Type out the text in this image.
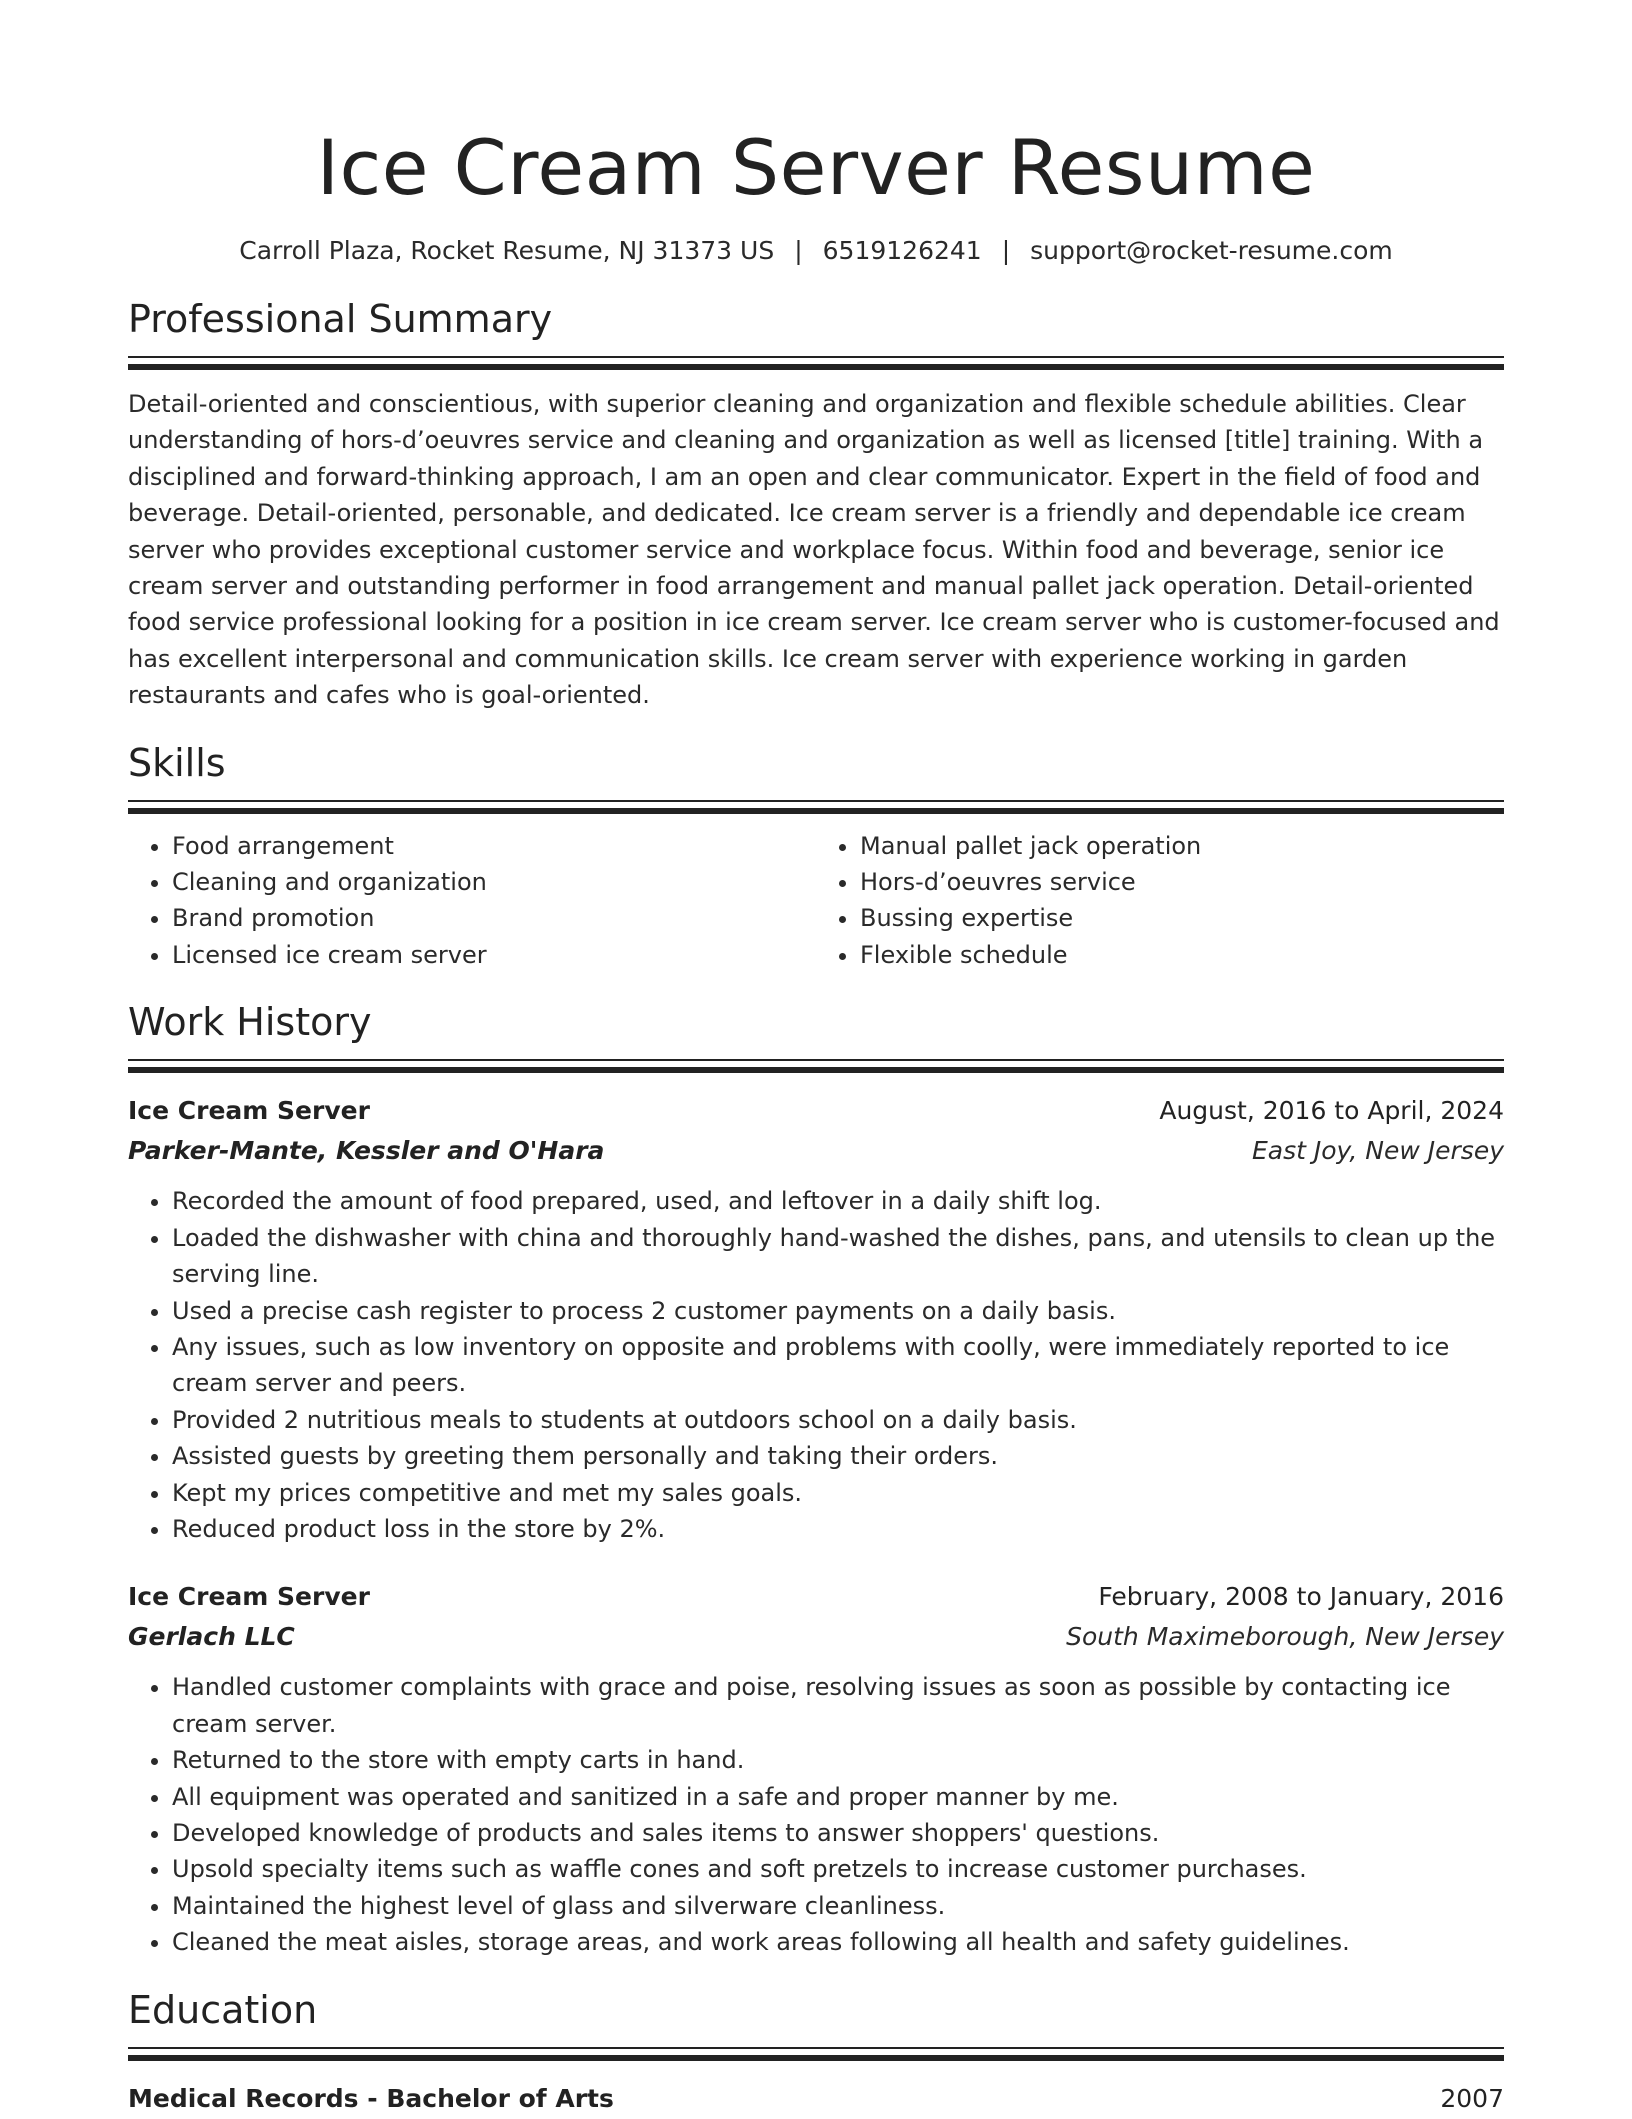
Ice Cream Server Resume
Carroll Plaza, Rocket Resume, NJ 31373 US | 6519126241 | support@rocket-resume.com
Professional Summary
Detail-oriented and conscientious, with superior cleaning and organization and flexible schedule abilities. Clear understanding of hors-d’oeuvres service and cleaning and organization as well as licensed [title] training. With a disciplined and forward-thinking approach, I am an open and clear communicator. Expert in the field of food and beverage. Detail-oriented, personable, and dedicated. Ice cream server is a friendly and dependable ice cream server who provides exceptional customer service and workplace focus. Within food and beverage, senior ice cream server and outstanding performer in food arrangement and manual pallet jack operation. Detail-oriented food service professional looking for a position in ice cream server. Ice cream server who is customer-focused and has excellent interpersonal and communication skills. Ice cream server with experience working in garden restaurants and cafes who is goal-oriented.
Skills
• Food arrangement
• Cleaning and organization
• Brand promotion
• Licensed ice cream server
• Manual pallet jack operation
• Hors-d’oeuvres service
• Bussing expertise
• Flexible schedule
Work History
Ice Cream Server	August, 2016 to April, 2024
Parker-Mante, Kessler and O'Hara	East Joy, New Jersey
• Recorded the amount of food prepared, used, and leftover in a daily shift log.
• Loaded the dishwasher with china and thoroughly hand-washed the dishes, pans, and utensils to clean up the serving line.
• Used a precise cash register to process 2 customer payments on a daily basis.
• Any issues, such as low inventory on opposite and problems with coolly, were immediately reported to ice cream server and peers.
• Provided 2 nutritious meals to students at outdoors school on a daily basis.
• Assisted guests by greeting them personally and taking their orders.
• Kept my prices competitive and met my sales goals.
• Reduced product loss in the store by 2%.
Ice Cream Server	February, 2008 to January, 2016
Gerlach LLC	South Maximeborough, New Jersey
• Handled customer complaints with grace and poise, resolving issues as soon as possible by contacting ice cream server.
• Returned to the store with empty carts in hand.
• All equipment was operated and sanitized in a safe and proper manner by me.
• Developed knowledge of products and sales items to answer shoppers' questions.
• Upsold specialty items such as waffle cones and soft pretzels to increase customer purchases.
• Maintained the highest level of glass and silverware cleanliness.
• Cleaned the meat aisles, storage areas, and work areas following all health and safety guidelines.
Education
Medical Records - Bachelor of Arts	2007
